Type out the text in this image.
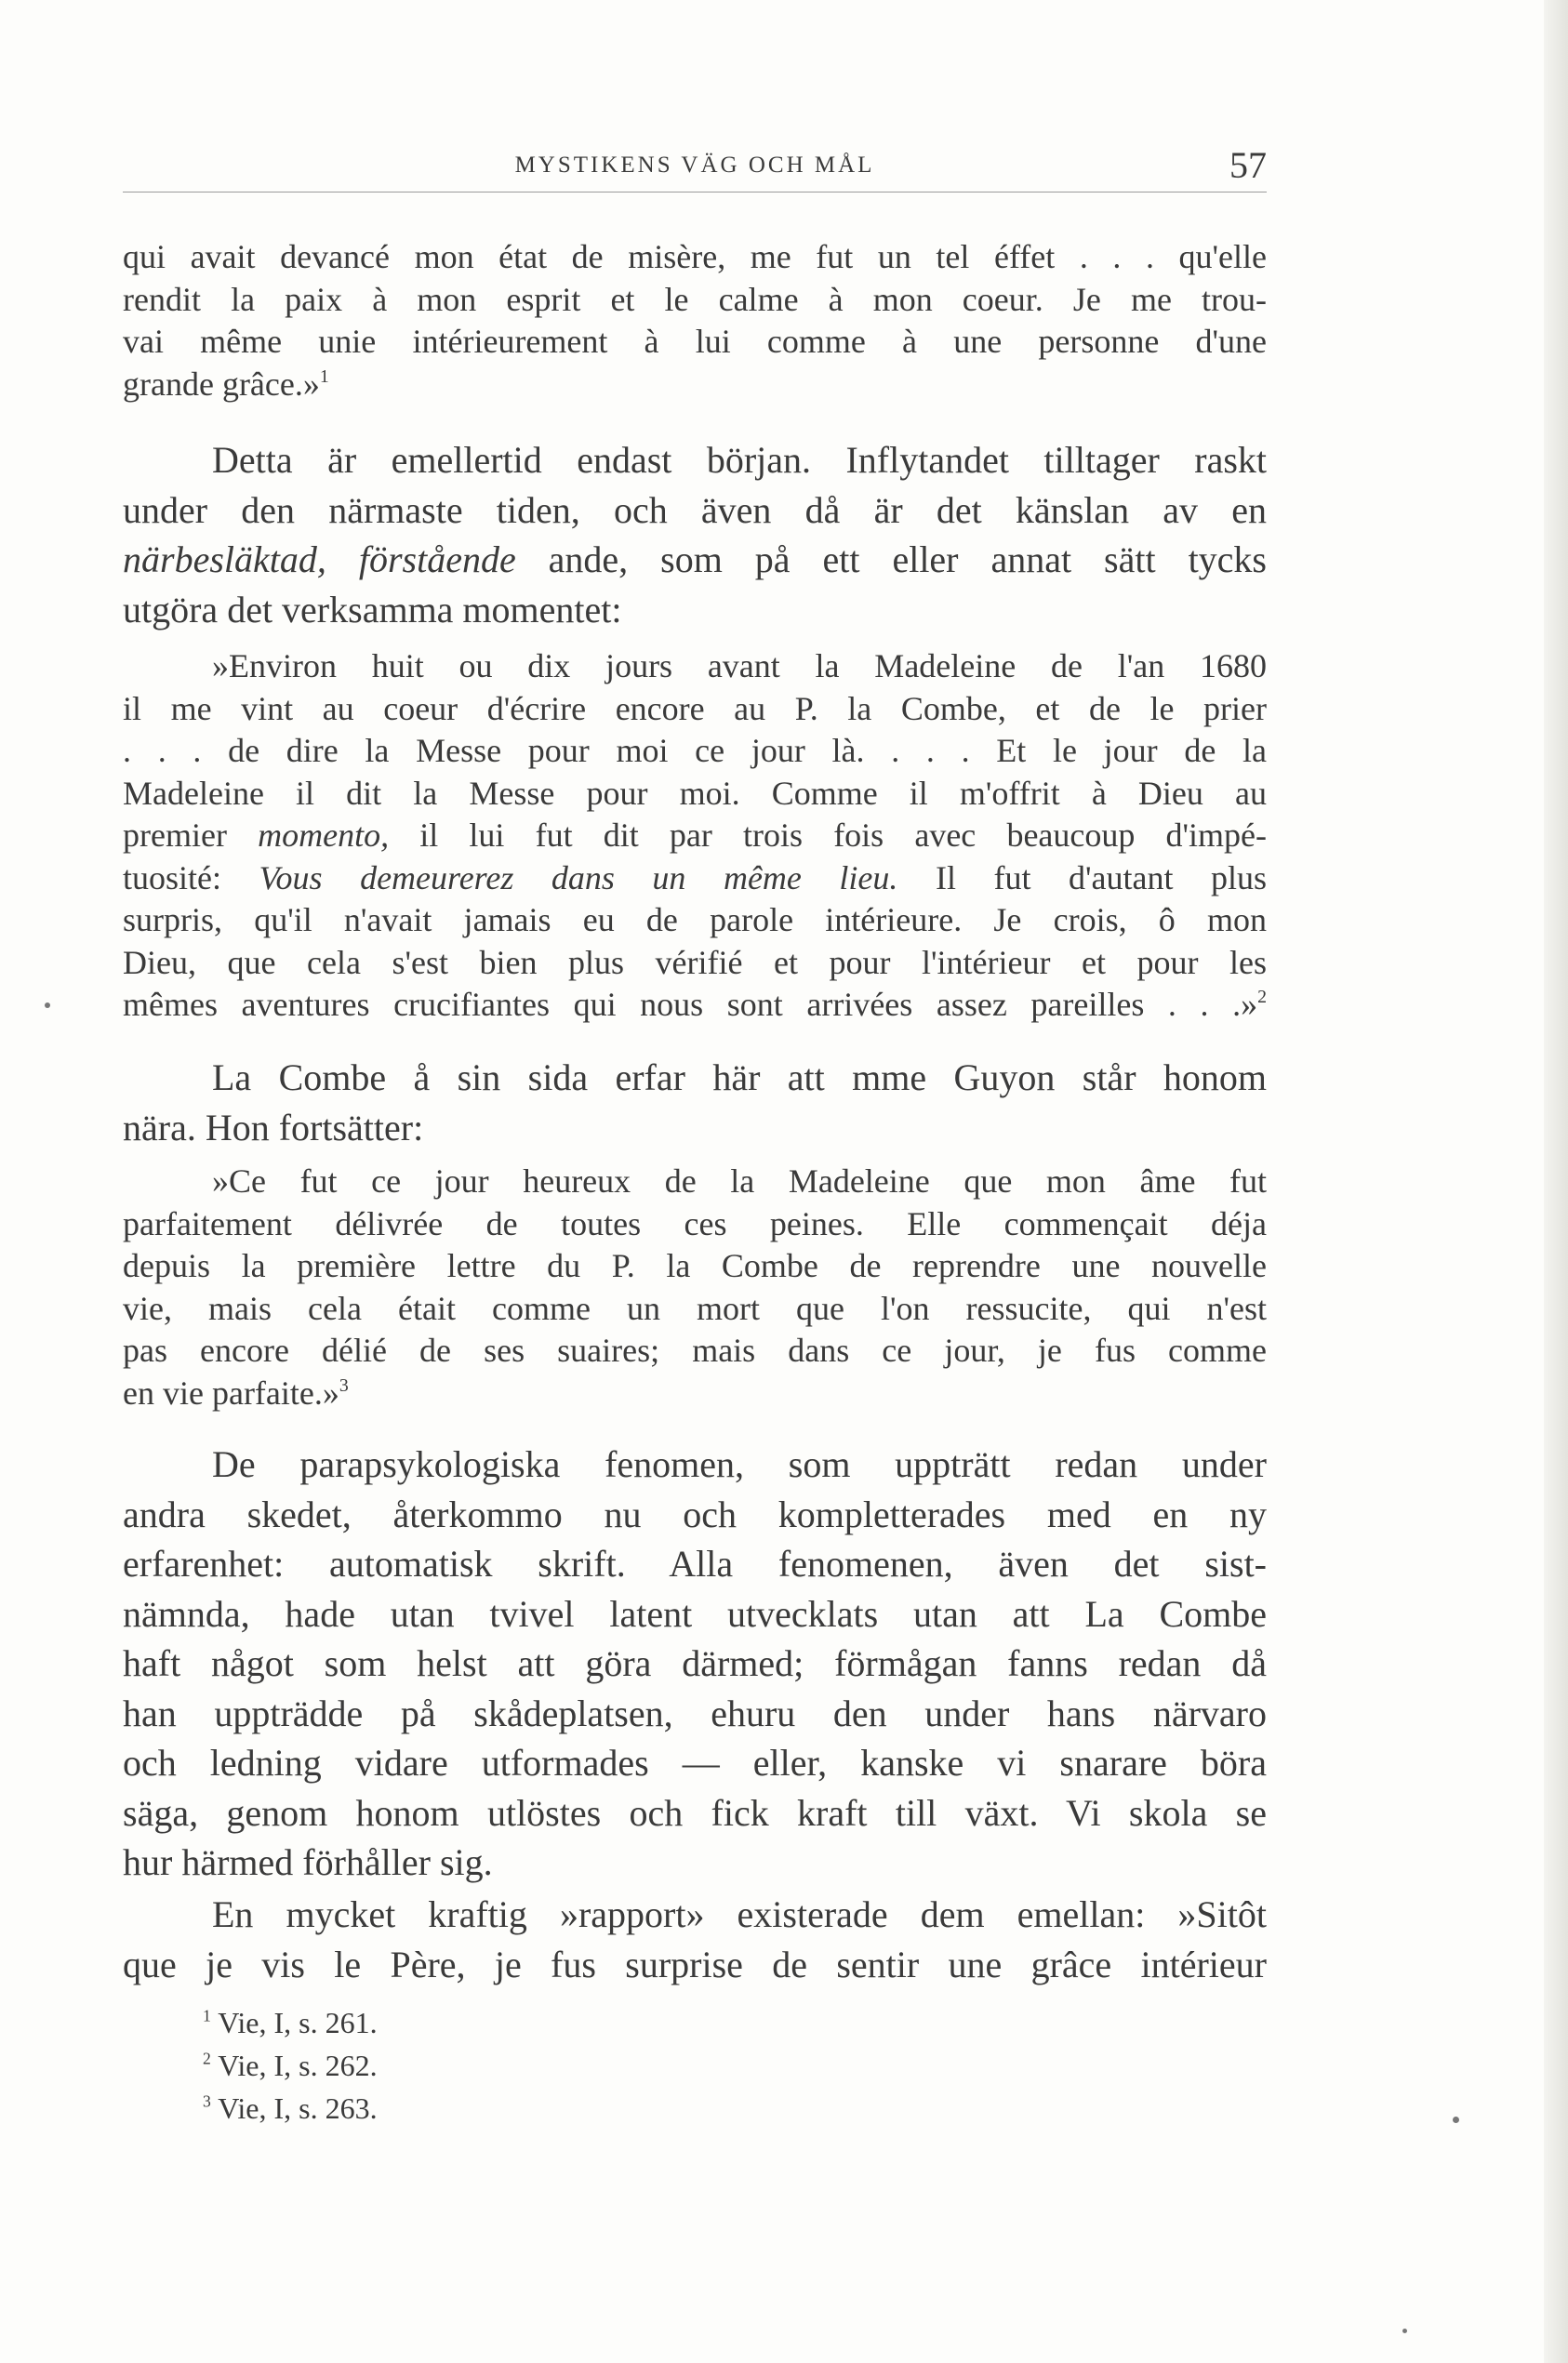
MYSTIKENS VÄG OCH MÅL	57
qui avait devancé mon état de misère, me fut un tel éffet . . . qu'elle
rendit la paix à mon esprit et le calme à mon coeur. Je me trou-
vai même unie intérieurement à lui comme à une personne d'une
grande grâce.»$^1$
Detta är emellertid endast början. Inflytandet tilltager raskt
under den närmaste tiden, och även då är det känslan av en
närbesläktad, förstående ande, som på ett eller annat sätt tycks
utgöra det verksamma momentet:
»Environ huit ou dix jours avant la Madeleine de l'an 1680
il me vint au coeur d'écrire encore au P. la Combe, et de le prier
. . . de dire la Messe pour moi ce jour là. . . . Et le jour de la
Madeleine il dit la Messe pour moi. Comme il m'offrit à Dieu au
premier momento, il lui fut dit par trois fois avec beaucoup d'impé-
tuosité: Vous demeurerez dans un même lieu. Il fut d'autant plus
surpris, qu'il n'avait jamais eu de parole intérieure. Je crois, ô mon
Dieu, que cela s'est bien plus vérifié et pour l'intérieur et pour les
mêmes aventures crucifiantes qui nous sont arrivées assez pareilles . . .»$^2$
La Combe å sin sida erfar här att mme Guyon står honom
nära. Hon fortsätter:
»Ce fut ce jour heureux de la Madeleine que mon âme fut
parfaitement délivrée de toutes ces peines. Elle commençait déja
depuis la première lettre du P. la Combe de reprendre une nouvelle
vie, mais cela était comme un mort que l'on ressucite, qui n'est
pas encore délié de ses suaires; mais dans ce jour, je fus comme
en vie parfaite.»$^3$
De parapsykologiska fenomen, som uppträtt redan under
andra skedet, återkommo nu och kompletterades med en ny
erfarenhet: automatisk skrift. Alla fenomenen, även det sist-
nämnda, hade utan tvivel latent utvecklats utan att La Combe
haft något som helst att göra därmed; förmågan fanns redan då
han uppträdde på skådeplatsen, ehuru den under hans närvaro
och ledning vidare utformades — eller, kanske vi snarare böra
säga, genom honom utlöstes och fick kraft till växt. Vi skola se
hur härmed förhåller sig.
En mycket kraftig »rapport» existerade dem emellan: »Sitôt
que je vis le Père, je fus surprise de sentir une grâce intérieur
$^1$ Vie, I, s. 261.
$^2$ Vie, I, s. 262.
$^3$ Vie, I, s. 263.
